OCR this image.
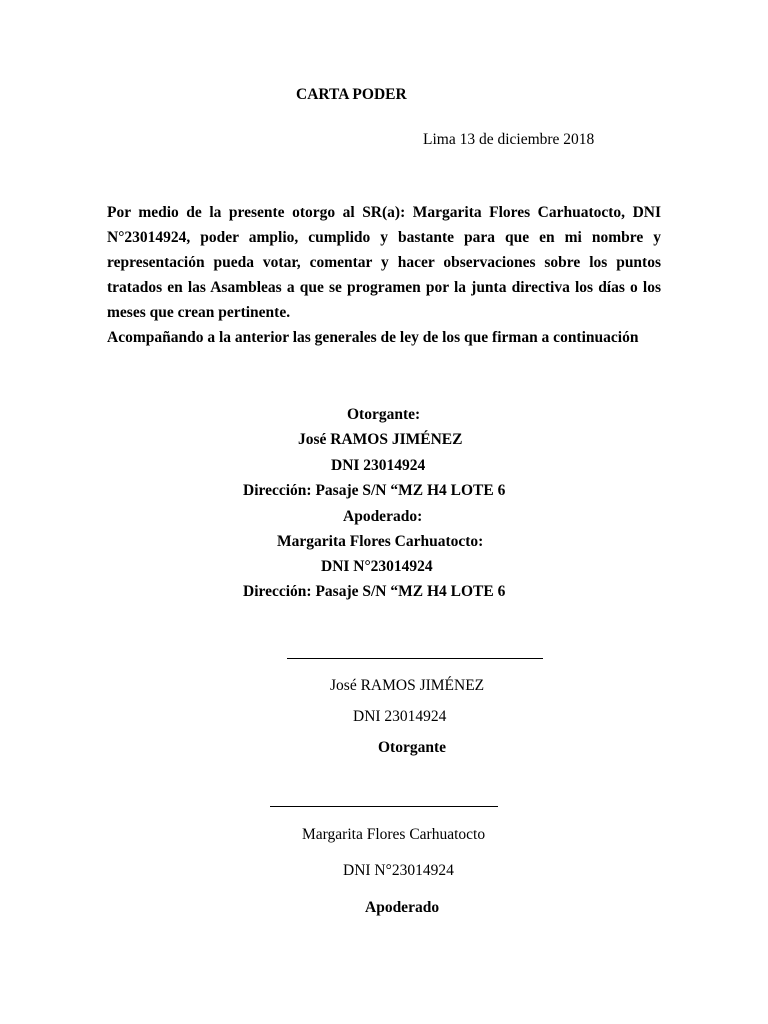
CARTA PODER
Lima 13 de diciembre 2018

Por medio de la presente otorgo al SR(a): Margarita Flores Carhuatocto, DNI N°23014924, poder amplio, cumplido y bastante para que en mi nombre y representación pueda votar, comentar y hacer observaciones sobre los puntos tratados en las Asambleas a que se programen por la junta directiva los días o los meses que crean pertinente.

Acompañando a la anterior las generales de ley de los que firman a continuación

Otorgante:
José RAMOS JIMÉNEZ
DNI 23014924
Dirección: Pasaje S/N “MZ H4 LOTE 6
Apoderado:
Margarita Flores Carhuatocto:
DNI N°23014924
Dirección: Pasaje S/N “MZ H4 LOTE 6
José RAMOS JIMÉNEZ
DNI 23014924
Otorgante
Margarita Flores Carhuatocto
DNI N°23014924
Apoderado
